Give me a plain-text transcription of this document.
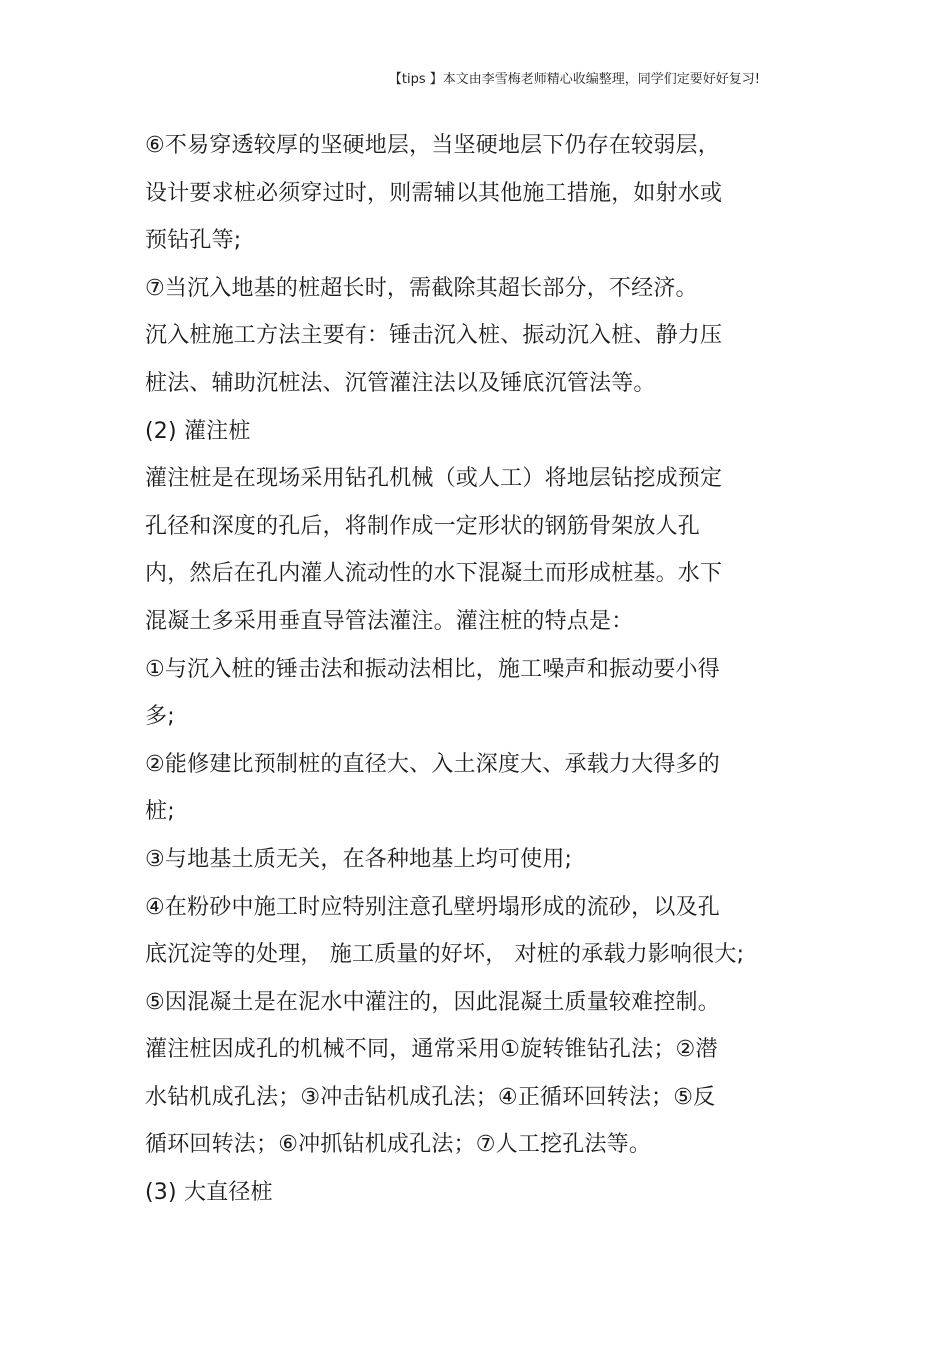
【tips 】本文由李雪梅老师精心收编整理，同学们定要好好复习!
⑥不易穿透较厚的坚硬地层，当坚硬地层下仍存在较弱层，
设计要求桩必须穿过时，则需辅以其他施工措施，如射水或
预钻孔等;
⑦当沉入地基的桩超长时，需截除其超长部分，不经济。
沉入桩施工方法主要有：锤击沉入桩、振动沉入桩、静力压
桩法、辅助沉桩法、沉管灌注法以及锤底沉管法等。
(2) 灌注桩
灌注桩是在现场采用钻孔机械（或人工）将地层钻挖成预定
孔径和深度的孔后，将制作成一定形状的钢筋骨架放人孔
内，然后在孔内灌人流动性的水下混凝土而形成桩基。水下
混凝土多采用垂直导管法灌注。灌注桩的特点是：
①与沉入桩的锤击法和振动法相比，施工噪声和振动要小得
多;
②能修建比预制桩的直径大、入土深度大、承载力大得多的
桩;
③与地基土质无关，在各种地基上均可使用;
④在粉砂中施工时应特别注意孔壁坍塌形成的流砂，以及孔
底沉淀等的处理， 施工质量的好坏， 对桩的承载力影响很大;
⑤因混凝土是在泥水中灌注的，因此混凝土质量较难控制。
灌注桩因成孔的机械不同，通常采用①旋转锥钻孔法；②潜
水钻机成孔法；③冲击钻机成孔法；④正循环回转法；⑤反
循环回转法；⑥冲抓钻机成孔法；⑦人工挖孔法等。
(3) 大直径桩
